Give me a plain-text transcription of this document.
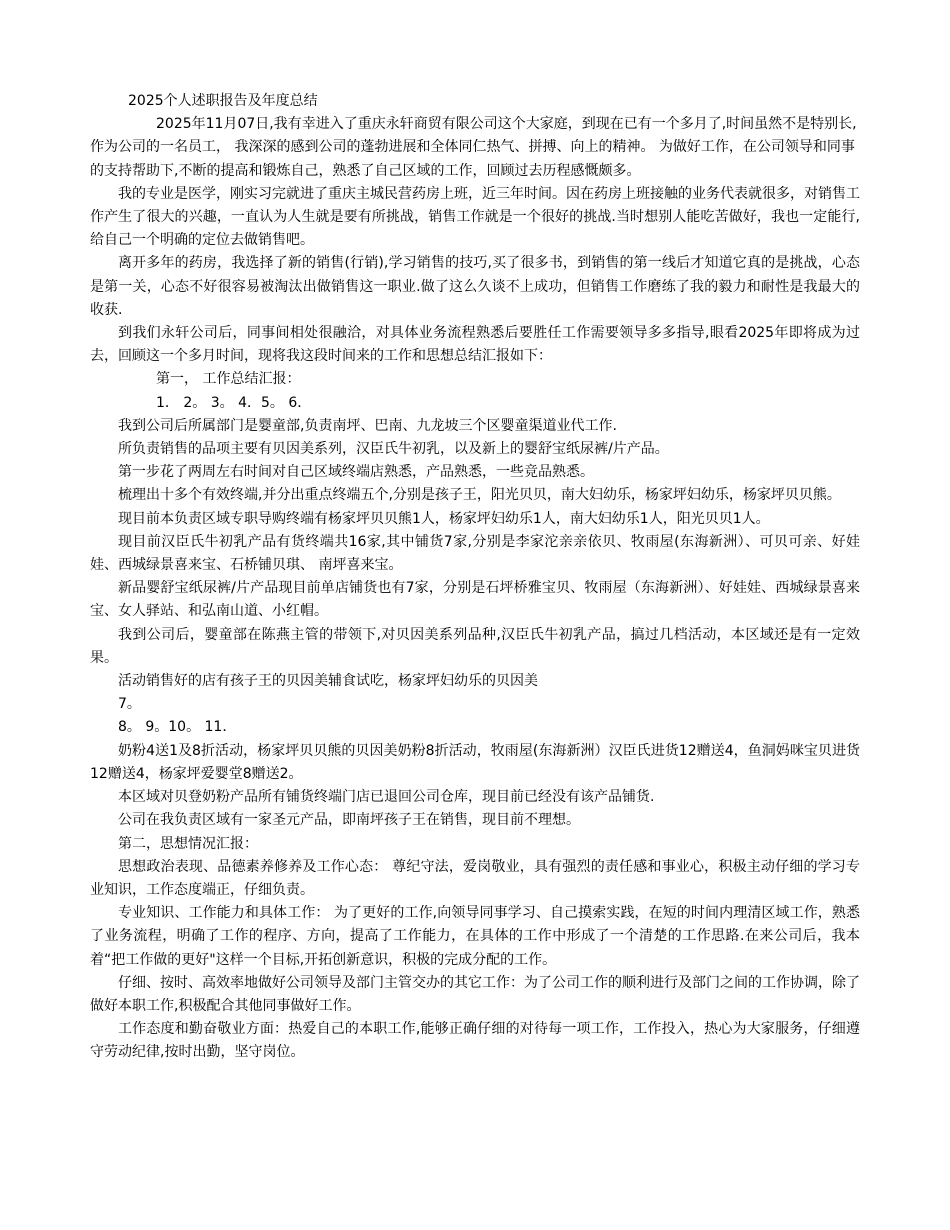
2025个人述职报告及年度总结

2025年11月07日,我有幸进入了重庆永轩商贸有限公司这个大家庭，到现在已有一个多月了,时间虽然不是特别长,作为公司的一名员工， 我深深的感到公司的蓬勃进展和全体同仁热气、拼搏、向上的精神。 为做好工作，在公司领导和同事的支持帮助下,不断的提高和锻炼自己，熟悉了自己区域的工作，回顾过去历程感慨颇多。

我的专业是医学，刚实习完就进了重庆主城民营药房上班，近三年时间。因在药房上班接触的业务代表就很多，对销售工作产生了很大的兴趣，一直认为人生就是要有所挑战，销售工作就是一个很好的挑战.当时想别人能吃苦做好，我也一定能行,给自己一个明确的定位去做销售吧。

离开多年的药房，我选择了新的销售(行销),学习销售的技巧,买了很多书，到销售的第一线后才知道它真的是挑战，心态是第一关，心态不好很容易被淘汰出做销售这一职业.做了这么久谈不上成功，但销售工作磨练了我的毅力和耐性是我最大的收获.

到我们永轩公司后，同事间相处很融洽，对具体业务流程熟悉后要胜任工作需要领导多多指导,眼看2025年即将成为过去，回顾这一个多月时间，现将我这段时间来的工作和思想总结汇报如下：

第一， 工作总结汇报：

1． 2。 3。 4．5。 6．

我到公司后所属部门是婴童部,负责南坪、巴南、九龙坡三个区婴童渠道业代工作.

所负责销售的品项主要有贝因美系列，汉臣氏牛初乳，以及新上的婴舒宝纸尿裤/片产品。

第一步花了两周左右时间对自己区域终端店熟悉，产品熟悉，一些竞品熟悉。

梳理出十多个有效终端,并分出重点终端五个,分别是孩子王，阳光贝贝，南大妇幼乐，杨家坪妇幼乐，杨家坪贝贝熊。

现目前本负责区域专职导购终端有杨家坪贝贝熊1人，杨家坪妇幼乐1人，南大妇幼乐1人，阳光贝贝1人。

现目前汉臣氏牛初乳产品有货终端共16家,其中铺货7家,分别是李家沱亲亲依贝、牧雨屋(东海新洲）、可贝可亲、好娃娃、西城绿景喜来宝、石桥铺贝琪、 南坪喜来宝。

新品婴舒宝纸尿裤/片产品现目前单店铺货也有7家，分别是石坪桥雅宝贝、牧雨屋（东海新洲）、好娃娃、西城绿景喜来宝、女人驿站、和弘南山道、小红帽。

我到公司后，婴童部在陈燕主管的带领下,对贝因美系列品种,汉臣氏牛初乳产品，搞过几档活动，本区域还是有一定效果。

活动销售好的店有孩子王的贝因美辅食试吃，杨家坪妇幼乐的贝因美

7。

8。 9。10。 11．

奶粉4送1及8折活动，杨家坪贝贝熊的贝因美奶粉8折活动，牧雨屋(东海新洲）汉臣氏进货12赠送4，鱼洞妈咪宝贝进货12赠送4，杨家坪爱婴堂8赠送2。

本区域对贝登奶粉产品所有铺货终端门店已退回公司仓库，现目前已经没有该产品铺货.

公司在我负责区域有一家圣元产品，即南坪孩子王在销售，现目前不理想。

第二，思想情况汇报：

思想政治表现、品德素养修养及工作心态： 尊纪守法，爱岗敬业，具有强烈的责任感和事业心，积极主动仔细的学习专业知识，工作态度端正，仔细负责。

专业知识、工作能力和具体工作： 为了更好的工作,向领导同事学习、自己摸索实践，在短的时间内理清区域工作，熟悉了业务流程，明确了工作的程序、方向，提高了工作能力，在具体的工作中形成了一个清楚的工作思路.在来公司后，我本着“把工作做的更好"这样一个目标,开拓创新意识，积极的完成分配的工作。

仔细、按时、高效率地做好公司领导及部门主管交办的其它工作：为了公司工作的顺利进行及部门之间的工作协调，除了做好本职工作,积极配合其他同事做好工作。

工作态度和勤奋敬业方面：热爱自己的本职工作,能够正确仔细的对待每一项工作，工作投入，热心为大家服务，仔细遵守劳动纪律,按时出勤，坚守岗位。
